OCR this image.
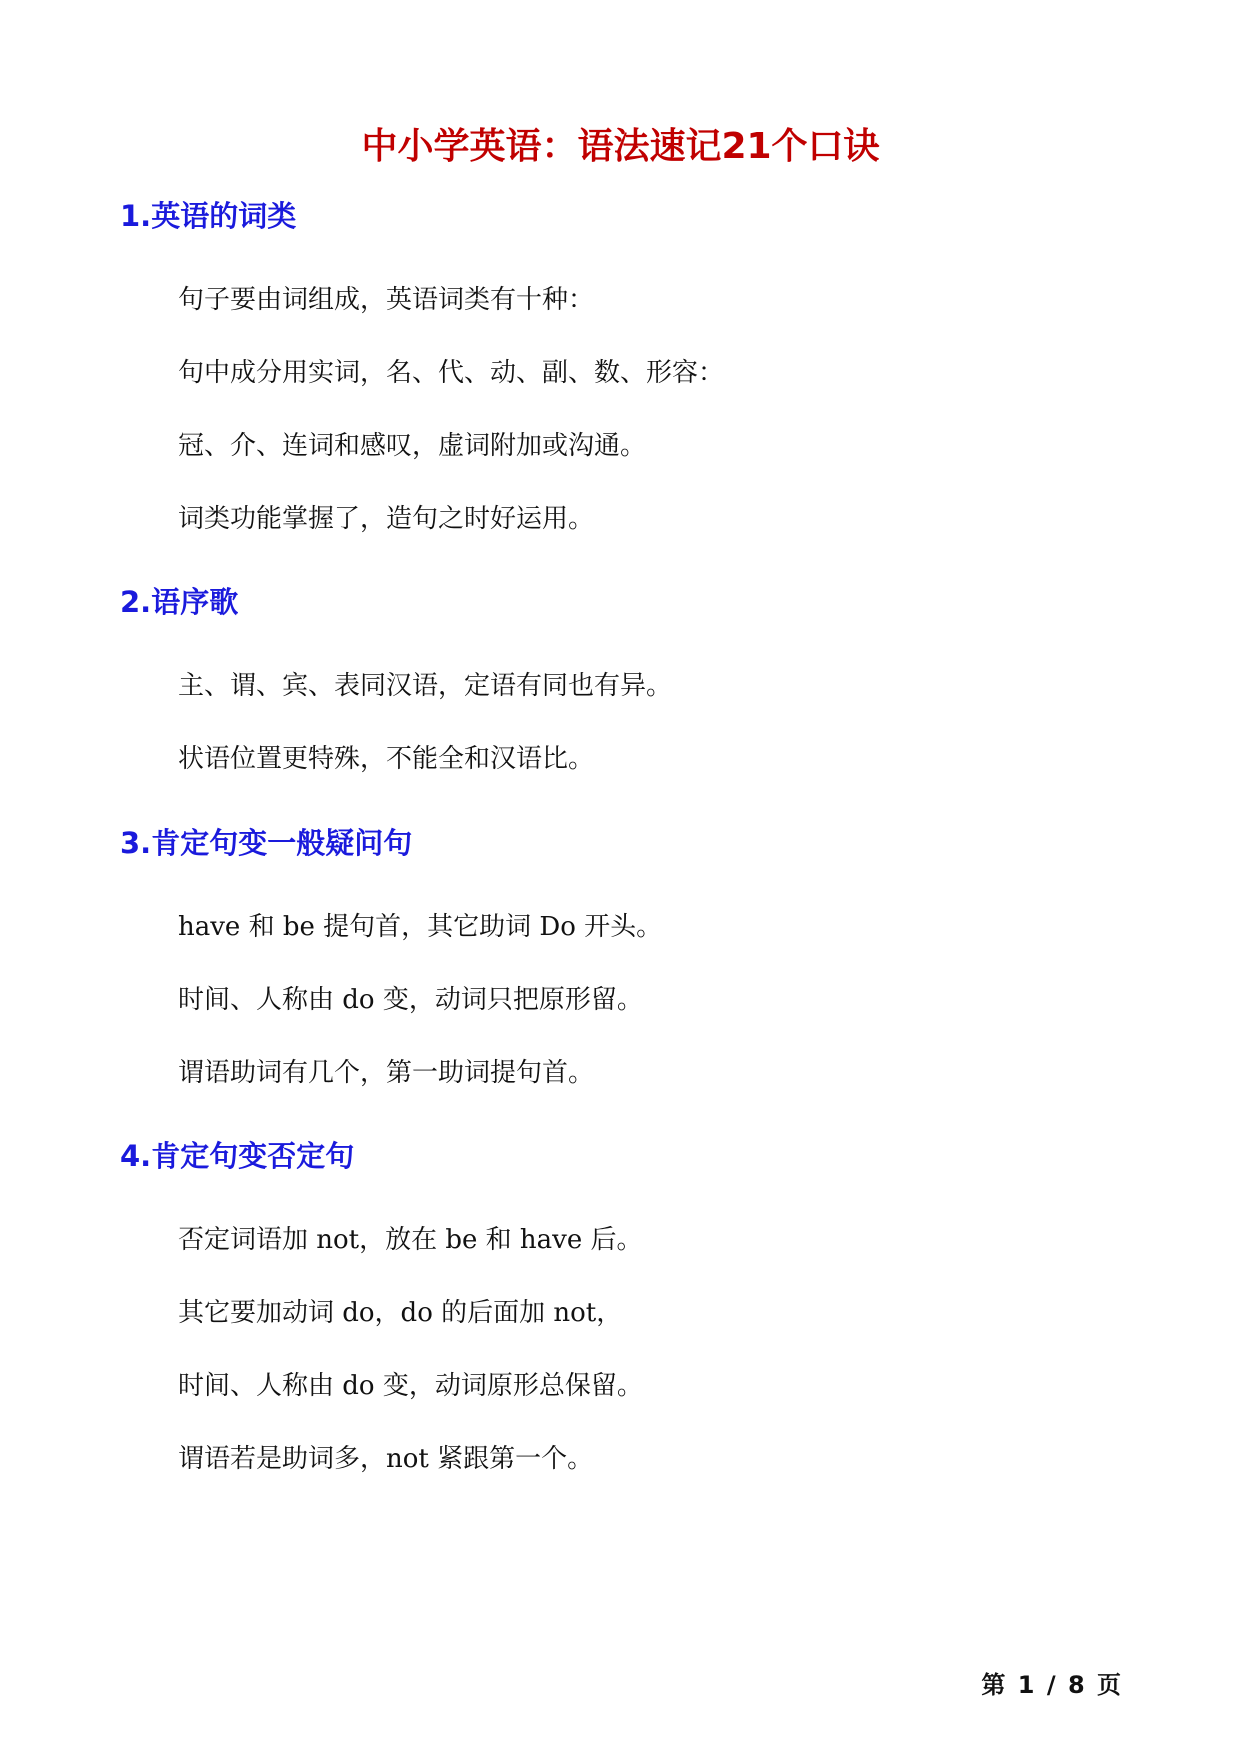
中小学英语：语法速记21个口诀
1.英语的词类
句子要由词组成，英语词类有十种：
句中成分用实词，名、代、动、副、数、形容：
冠、介、连词和感叹，虚词附加或沟通。
词类功能掌握了，造句之时好运用。
2.语序歌
主、谓、宾、表同汉语，定语有同也有异。
状语位置更特殊，不能全和汉语比。
3.肯定句变一般疑问句
have 和 be 提句首，其它助词 Do 开头。
时间、人称由 do 变，动词只把原形留。
谓语助词有几个，第一助词提句首。
4.肯定句变否定句
否定词语加 not，放在 be 和 have 后。
其它要加动词 do，do 的后面加 not，
时间、人称由 do 变，动词原形总保留。
谓语若是助词多，not 紧跟第一个。
第 1 / 8 页
